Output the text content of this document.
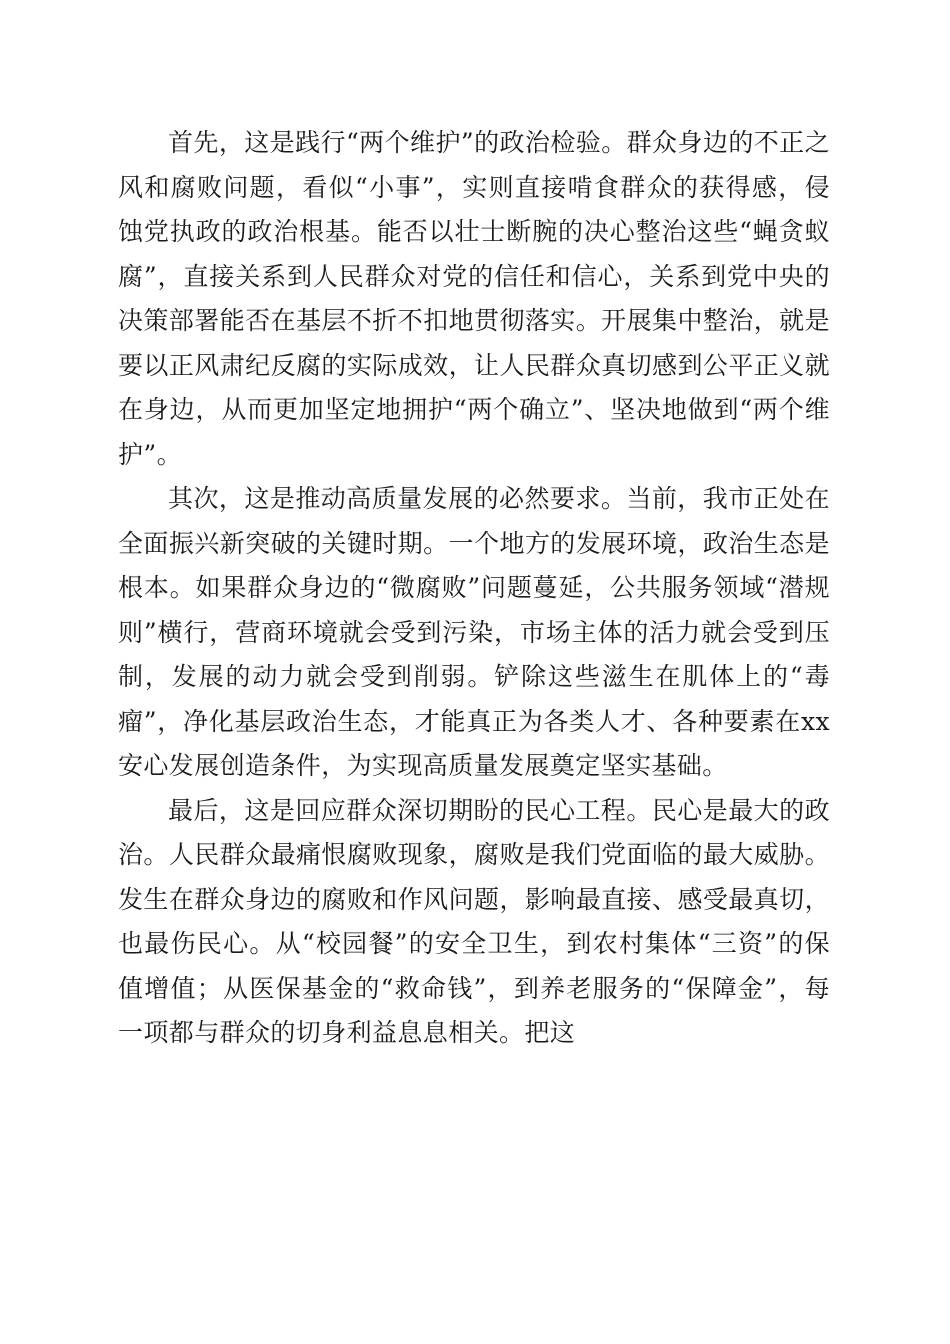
首先，这是践行“两个维护”的政治检验。群众身边的不正之风和腐败问题，看似“小事”，实则直接啃食群众的获得感，侵蚀党执政的政治根基。能否以壮士断腕的决心整治这些“蝇贪蚁腐”，直接关系到人民群众对党的信任和信心，关系到党中央的决策部署能否在基层不折不扣地贯彻落实。开展集中整治，就是要以正风肃纪反腐的实际成效，让人民群众真切感到公平正义就在身边，从而更加坚定地拥护“两个确立”、坚决地做到“两个维护”。

其次，这是推动高质量发展的必然要求。当前，我市正处在全面振兴新突破的关键时期。一个地方的发展环境，政治生态是根本。如果群众身边的“微腐败”问题蔓延，公共服务领域“潜规则”横行，营商环境就会受到污染，市场主体的活力就会受到压制，发展的动力就会受到削弱。铲除这些滋生在肌体上的“毒瘤”，净化基层政治生态，才能真正为各类人才、各种要素在xx安心发展创造条件，为实现高质量发展奠定坚实基础。

最后，这是回应群众深切期盼的民心工程。民心是最大的政治。人民群众最痛恨腐败现象，腐败是我们党面临的最大威胁。发生在群众身边的腐败和作风问题，影响最直接、感受最真切，也最伤民心。从“校园餐”的安全卫生，到农村集体“三资”的保值增值；从医保基金的“救命钱”，到养老服务的“保障金”，每一项都与群众的切身利益息息相关。把这
